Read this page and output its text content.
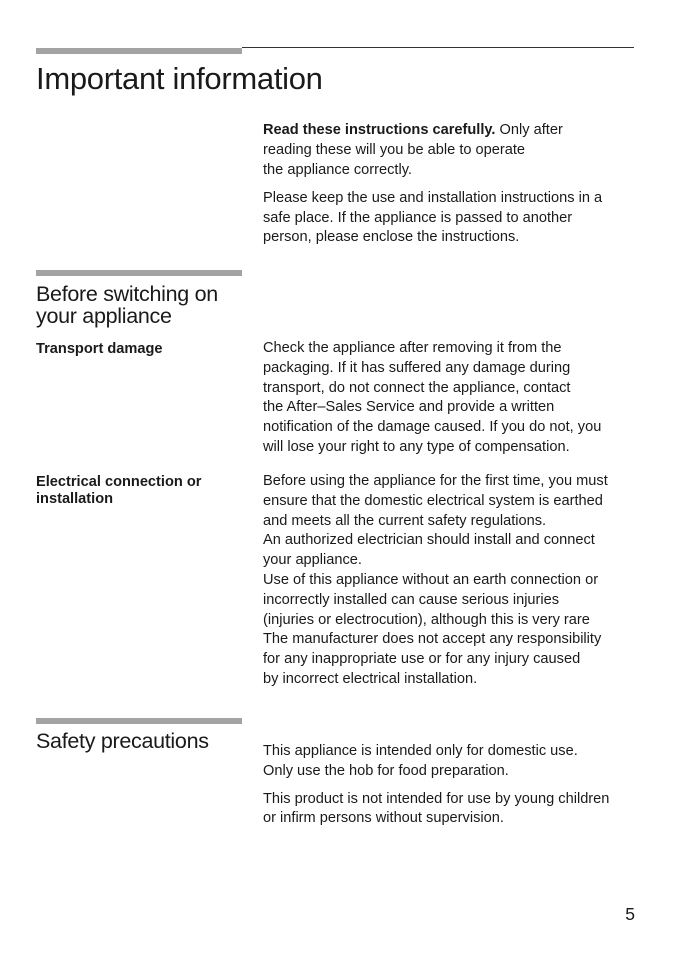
Important information

Read these instructions carefully. Only after
reading these will you be able to operate
the appliance correctly.

Please keep the use and installation instructions in a
safe place. If the appliance is passed to another
person, please enclose the instructions.

Before switching on
your appliance
Transport damage	Check the appliance after removing it from the
packaging. If it has suffered any damage during
transport, do not connect the appliance, contact
the After–Sales Service and provide a written
notification of the damage caused. If you do not, you
will lose your right to any type of compensation.

Electrical connection or
installation

Before using the appliance for the first time, you must
ensure that the domestic electrical system is earthed
and meets all the current safety regulations.
An authorized electrician should install and connect
your appliance.
Use of this appliance without an earth connection or
incorrectly installed can cause serious injuries
(injuries or electrocution), although this is very rare
The manufacturer does not accept any responsibility
for any inappropriate use or for any injury caused
by incorrect electrical installation.

Safety precautions	This appliance is intended only for domestic use.
Only use the hob for food preparation.

This product is not intended for use by young children
or infirm persons without supervision.

5
